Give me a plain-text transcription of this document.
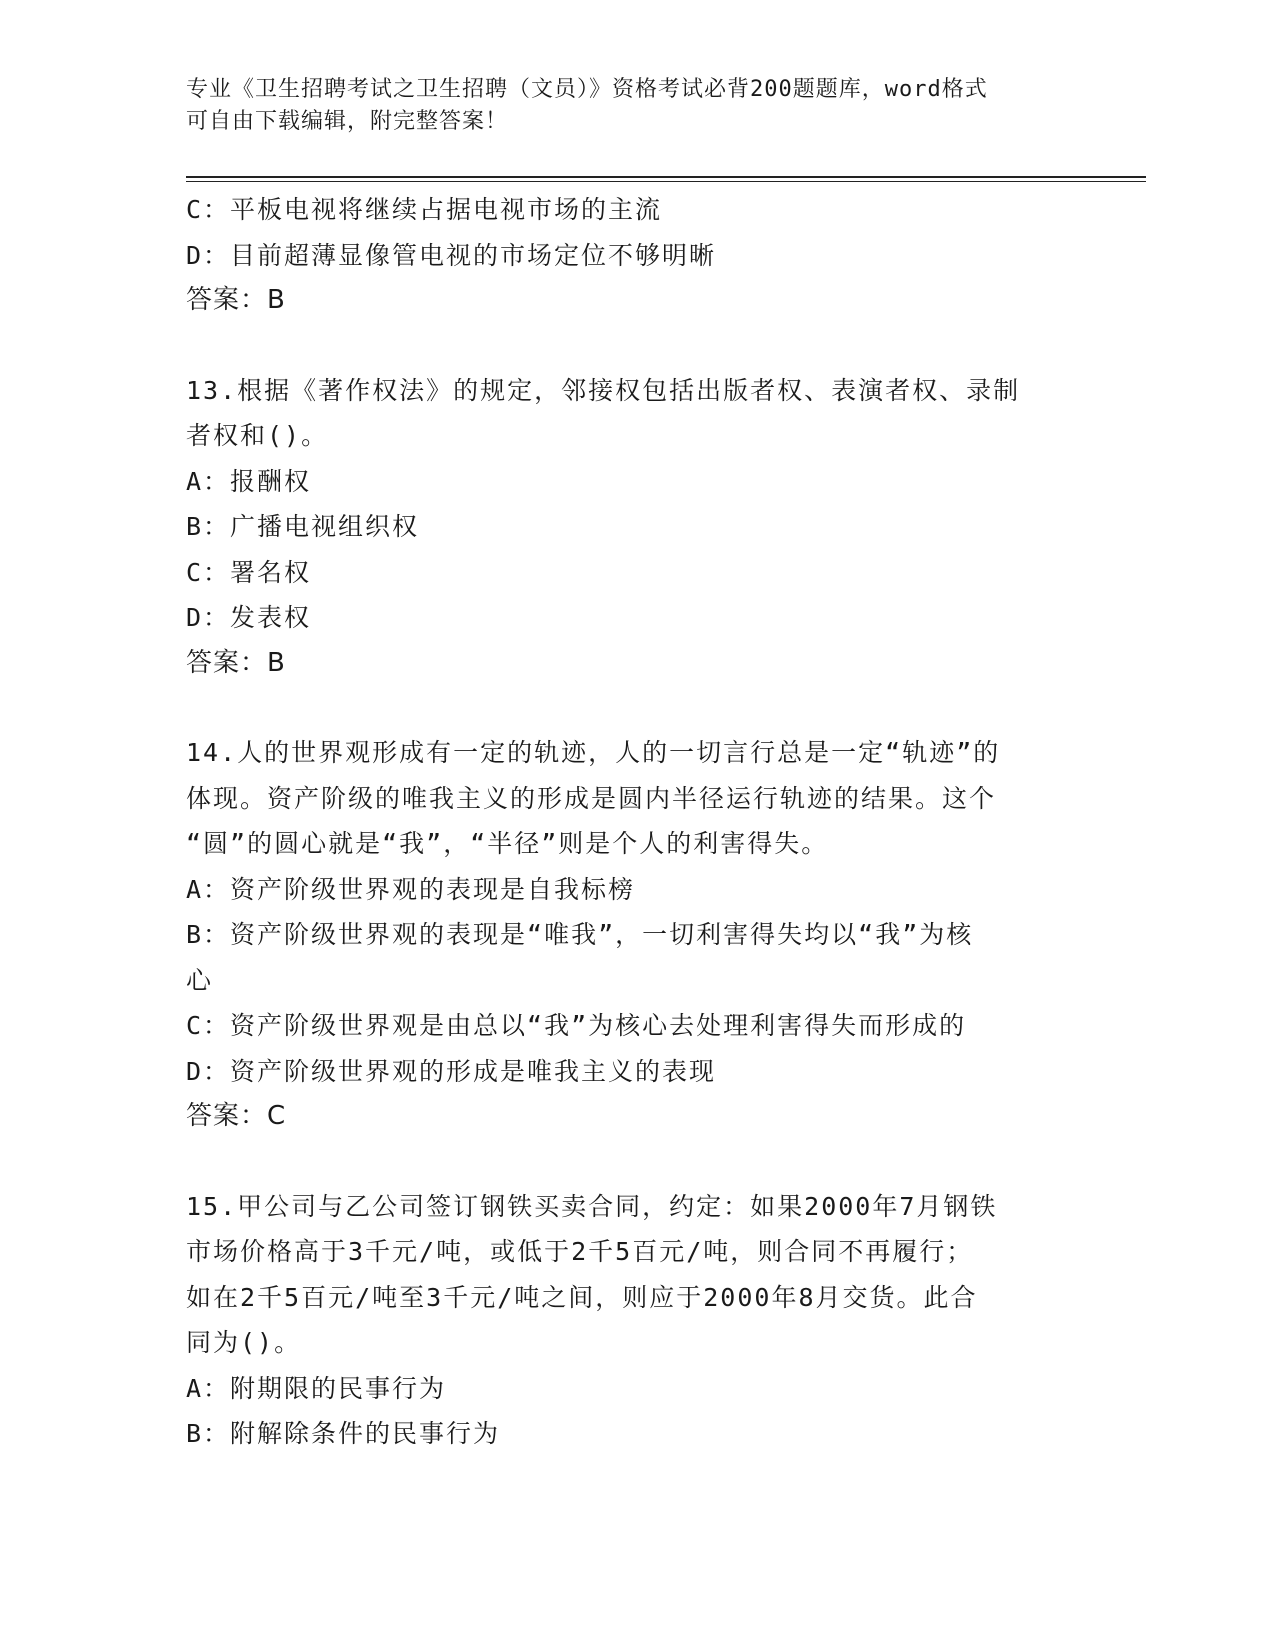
专业《卫生招聘考试之卫生招聘（文员）》资格考试必背200题题库，word格式
可自由下载编辑，附完整答案！

C：平板电视将继续占据电视市场的主流

D：目前超薄显像管电视的市场定位不够明晰

答案：B

13.根据《著作权法》的规定，邻接权包括出版者权、表演者权、录制

者权和()。

A：报酬权

B：广播电视组织权

C：署名权

D：发表权

答案：B

14.人的世界观形成有一定的轨迹，人的一切言行总是一定“轨迹”的

体现。资产阶级的唯我主义的形成是圆内半径运行轨迹的结果。这个

“圆”的圆心就是“我”，“半径”则是个人的利害得失。

A：资产阶级世界观的表现是自我标榜

B：资产阶级世界观的表现是“唯我”，一切利害得失均以“我”为核

心

C：资产阶级世界观是由总以“我”为核心去处理利害得失而形成的

D：资产阶级世界观的形成是唯我主义的表现

答案：C

15.甲公司与乙公司签订钢铁买卖合同，约定：如果2000年7月钢铁

市场价格高于3千元/吨，或低于2千5百元/吨，则合同不再履行；

如在2千5百元/吨至3千元/吨之间，则应于2000年8月交货。此合

同为()。

A：附期限的民事行为

B：附解除条件的民事行为
